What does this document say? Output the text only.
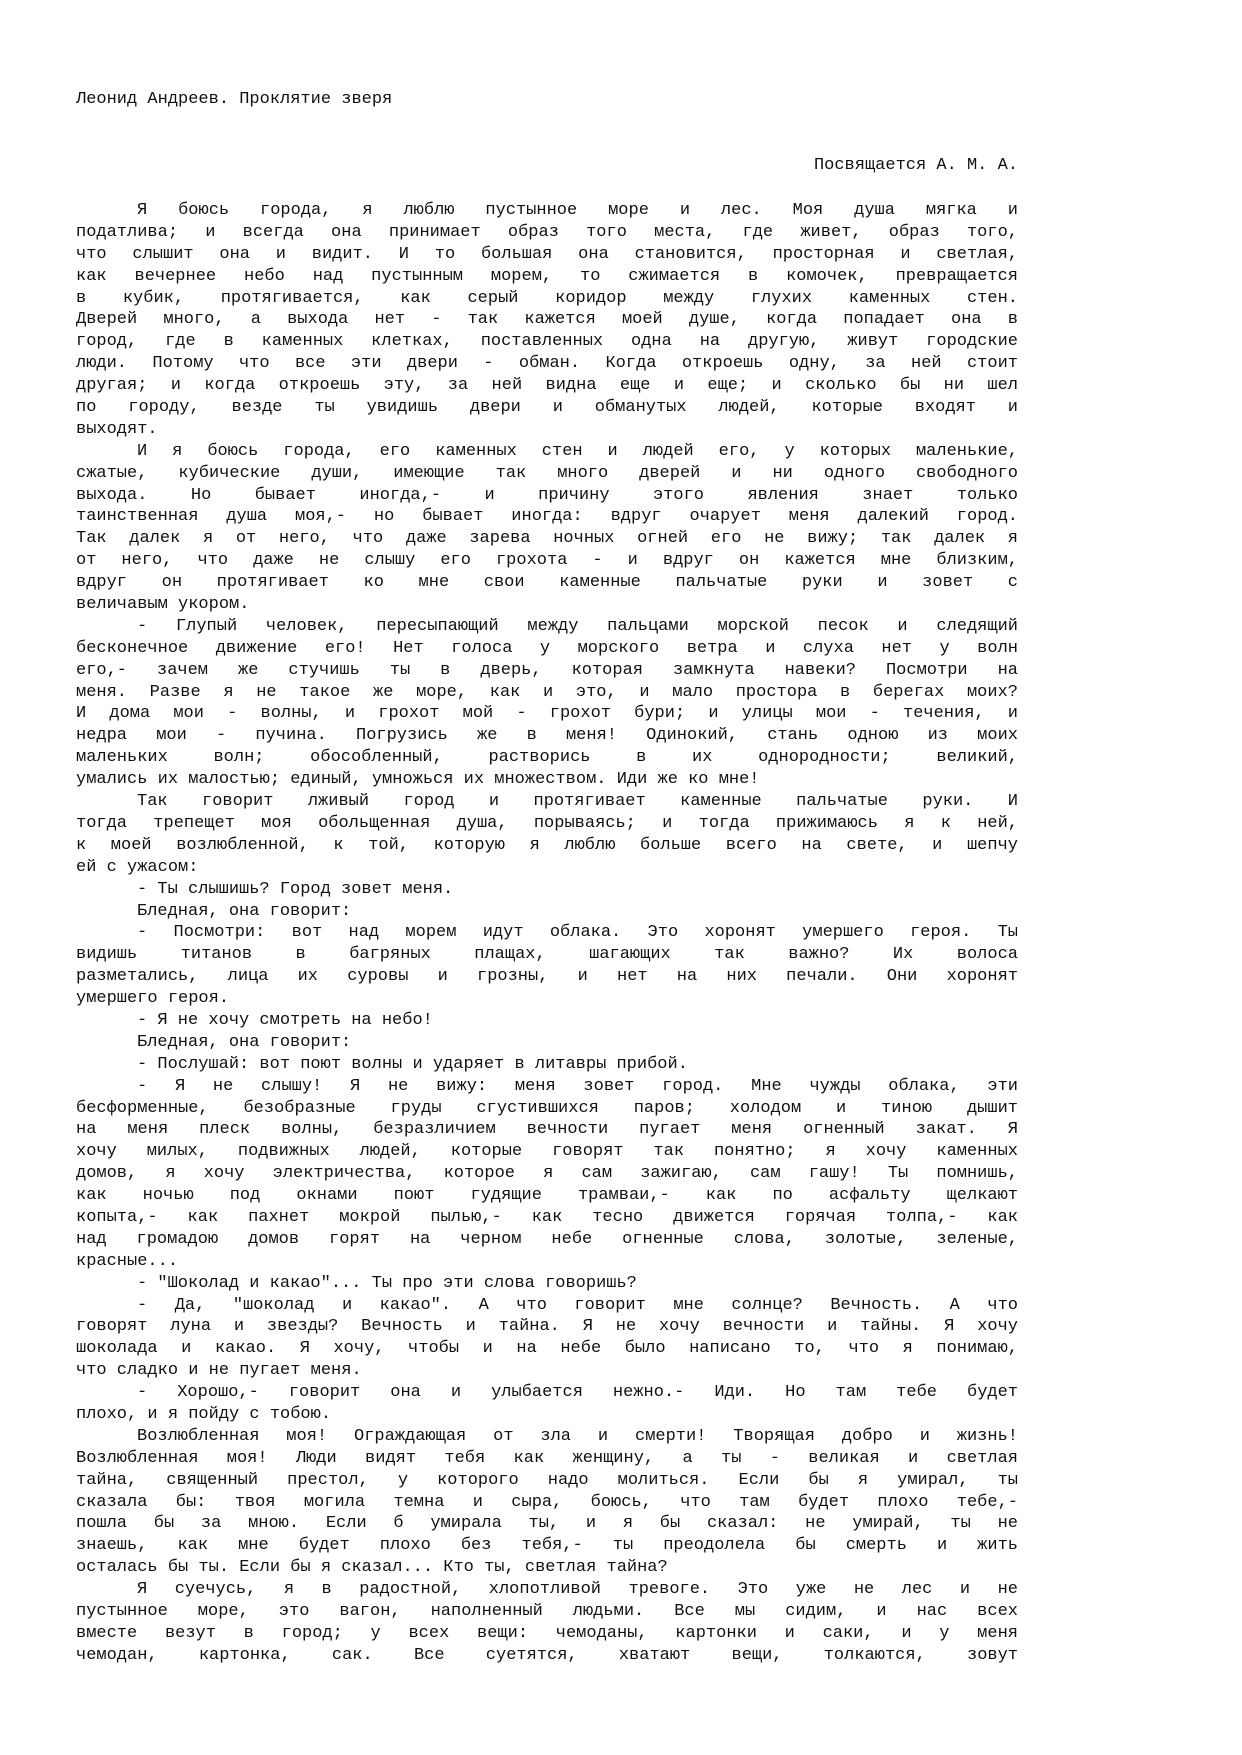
Леонид Андреев. Проклятие зверя
Посвящается А. М. А.
Я боюсь города, я люблю пустынное море и лес. Моя душа мягка и
податлива; и всегда она принимает образ того места, где живет, образ того,
что слышит она и видит. И то большая она становится, просторная и светлая,
как вечернее небо над пустынным морем, то сжимается в комочек, превращается
в кубик, протягивается, как серый коридор между глухих каменных стен.
Дверей много, а выхода нет - так кажется моей душе, когда попадает она в
город, где в каменных клетках, поставленных одна на другую, живут городские
люди. Потому что все эти двери - обман. Когда откроешь одну, за ней стоит
другая; и когда откроешь эту, за ней видна еще и еще; и сколько бы ни шел
по городу, везде ты увидишь двери и обманутых людей, которые входят и
выходят.
И я боюсь города, его каменных стен и людей его, у которых маленькие,
сжатые, кубические души, имеющие так много дверей и ни одного свободного
выхода. Но бывает иногда,- и причину этого явления знает только
таинственная душа моя,- но бывает иногда: вдруг очарует меня далекий город.
Так далек я от него, что даже зарева ночных огней его не вижу; так далек я
от него, что даже не слышу его грохота - и вдруг он кажется мне близким,
вдруг он протягивает ко мне свои каменные пальчатые руки и зовет с
величавым укором.
- Глупый человек, пересыпающий между пальцами морской песок и следящий
бесконечное движение его! Нет голоса у морского ветра и слуха нет у волн
его,- зачем же стучишь ты в дверь, которая замкнута навеки? Посмотри на
меня. Разве я не такое же море, как и это, и мало простора в берегах моих?
И дома мои - волны, и грохот мой - грохот бури; и улицы мои - течения, и
недра мои - пучина. Погрузись же в меня! Одинокий, стань одною из моих
маленьких волн; обособленный, растворись в их однородности; великий,
умались их малостью; единый, умножься их множеством. Иди же ко мне!
Так говорит лживый город и протягивает каменные пальчатые руки. И
тогда трепещет моя обольщенная душа, порываясь; и тогда прижимаюсь я к ней,
к моей возлюбленной, к той, которую я люблю больше всего на свете, и шепчу
ей с ужасом:
- Ты слышишь? Город зовет меня.
Бледная, она говорит:
- Посмотри: вот над морем идут облака. Это хоронят умершего героя. Ты
видишь титанов в багряных плащах, шагающих так важно? Их волоса
разметались, лица их суровы и грозны, и нет на них печали. Они хоронят
умершего героя.
- Я не хочу смотреть на небо!
Бледная, она говорит:
- Послушай: вот поют волны и ударяет в литавры прибой.
- Я не слышу! Я не вижу: меня зовет город. Мне чужды облака, эти
бесформенные, безобразные груды сгустившихся паров; холодом и тиною дышит
на меня плеск волны, безразличием вечности пугает меня огненный закат. Я
хочу милых, подвижных людей, которые говорят так понятно; я хочу каменных
домов, я хочу электричества, которое я сам зажигаю, сам гашу! Ты помнишь,
как ночью под окнами поют гудящие трамваи,- как по асфальту щелкают
копыта,- как пахнет мокрой пылью,- как тесно движется горячая толпа,- как
над громадою домов горят на черном небе огненные слова, золотые, зеленые,
красные...
- "Шоколад и какао"... Ты про эти слова говоришь?
- Да, "шоколад и какао". А что говорит мне солнце? Вечность. А что
говорят луна и звезды? Вечность и тайна. Я не хочу вечности и тайны. Я хочу
шоколада и какао. Я хочу, чтобы и на небе было написано то, что я понимаю,
что сладко и не пугает меня.
- Хорошо,- говорит она и улыбается нежно.- Иди. Но там тебе будет
плохо, и я пойду с тобою.
Возлюбленная моя! Ограждающая от зла и смерти! Творящая добро и жизнь!
Возлюбленная моя! Люди видят тебя как женщину, а ты - великая и светлая
тайна, священный престол, у которого надо молиться. Если бы я умирал, ты
сказала бы: твоя могила темна и сыра, боюсь, что там будет плохо тебе,-
пошла бы за мною. Если б умирала ты, и я бы сказал: не умирай, ты не
знаешь, как мне будет плохо без тебя,- ты преодолела бы смерть и жить
осталась бы ты. Если бы я сказал... Кто ты, светлая тайна?
Я суечусь, я в радостной, хлопотливой тревоге. Это уже не лес и не
пустынное море, это вагон, наполненный людьми. Все мы сидим, и нас всех
вместе везут в город; у всех вещи: чемоданы, картонки и саки, и у меня
чемодан, картонка, сак. Все суетятся, хватают вещи, толкаются, зовут
